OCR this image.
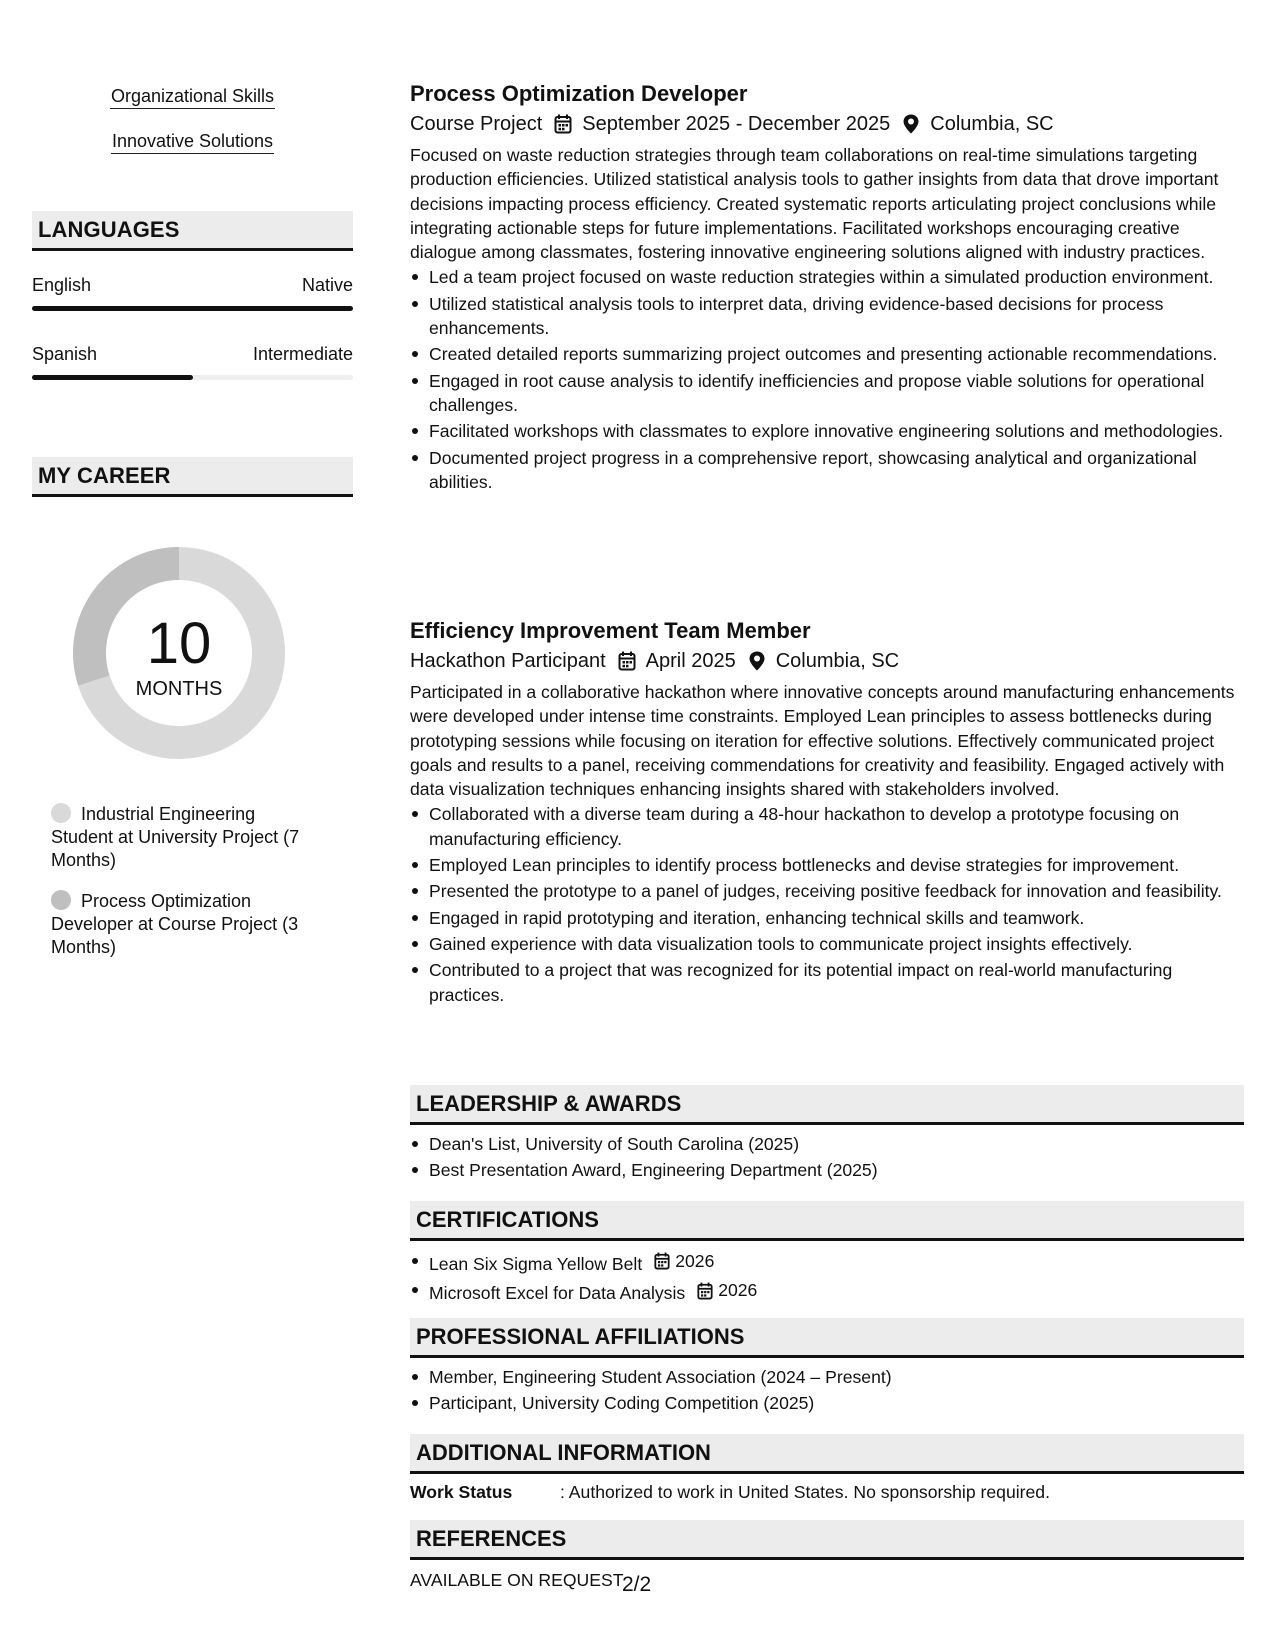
Organizational Skills
Innovative Solutions
LANGUAGES
English	Native
Spanish	Intermediate
MY CAREER
10
MONTHS
Industrial Engineering Student at University Project (7 Months)
Process Optimization Developer at Course Project (3 Months)
Process Optimization Developer
Course Project September 2025 - December 2025 Columbia, SC
Focused on waste reduction strategies through team collaborations on real-time simulations targeting production efficiencies. Utilized statistical analysis tools to gather insights from data that drove important decisions impacting process efficiency. Created systematic reports articulating project conclusions while integrating actionable steps for future implementations. Facilitated workshops encouraging creative dialogue among classmates, fostering innovative engineering solutions aligned with industry practices.
Led a team project focused on waste reduction strategies within a simulated production environment.
Utilized statistical analysis tools to interpret data, driving evidence-based decisions for process enhancements.
Created detailed reports summarizing project outcomes and presenting actionable recommendations.
Engaged in root cause analysis to identify inefficiencies and propose viable solutions for operational challenges.
Facilitated workshops with classmates to explore innovative engineering solutions and methodologies.
Documented project progress in a comprehensive report, showcasing analytical and organizational abilities.
Efficiency Improvement Team Member
Hackathon Participant April 2025 Columbia, SC
Participated in a collaborative hackathon where innovative concepts around manufacturing enhancements were developed under intense time constraints. Employed Lean principles to assess bottlenecks during prototyping sessions while focusing on iteration for effective solutions. Effectively communicated project goals and results to a panel, receiving commendations for creativity and feasibility. Engaged actively with data visualization techniques enhancing insights shared with stakeholders involved.
Collaborated with a diverse team during a 48-hour hackathon to develop a prototype focusing on manufacturing efficiency.
Employed Lean principles to identify process bottlenecks and devise strategies for improvement.
Presented the prototype to a panel of judges, receiving positive feedback for innovation and feasibility.
Engaged in rapid prototyping and iteration, enhancing technical skills and teamwork.
Gained experience with data visualization tools to communicate project insights effectively.
Contributed to a project that was recognized for its potential impact on real-world manufacturing practices.
LEADERSHIP & AWARDS
Dean's List, University of South Carolina (2025)
Best Presentation Award, Engineering Department (2025)
CERTIFICATIONS
Lean Six Sigma Yellow Belt 2026
Microsoft Excel for Data Analysis 2026
PROFESSIONAL AFFILIATIONS
Member, Engineering Student Association (2024 – Present)
Participant, University Coding Competition (2025)
ADDITIONAL INFORMATION
Work Status	: Authorized to work in United States. No sponsorship required.
REFERENCES
AVAILABLE ON REQUEST
2/2
